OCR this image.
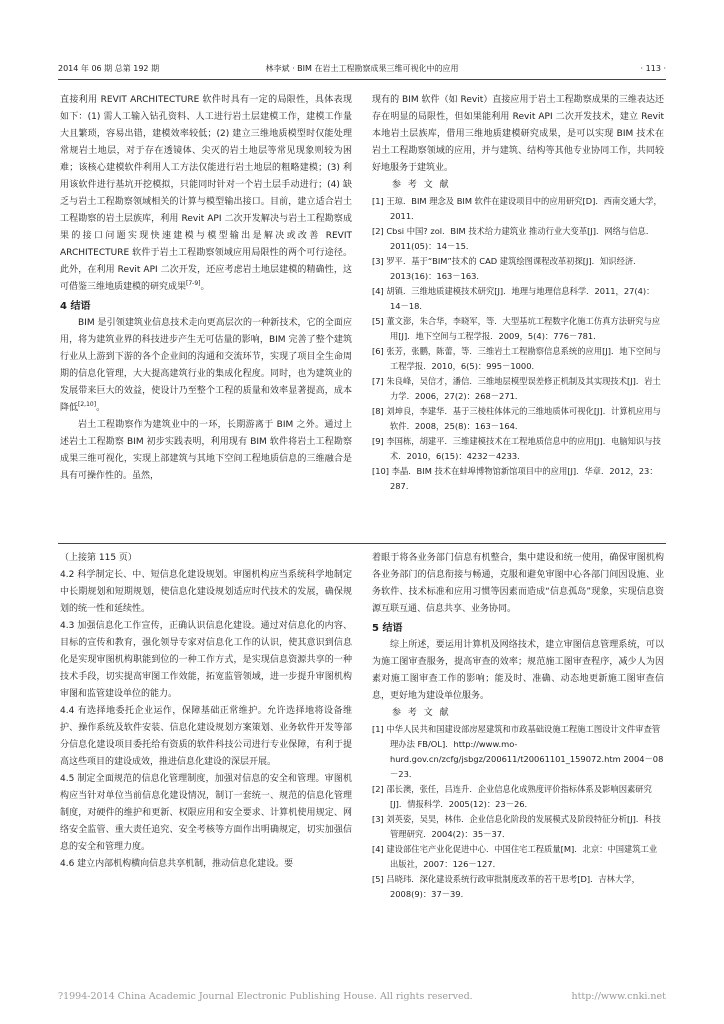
2014 年 06 期 总第 192 期	林李斌 · BIM 在岩土工程勘察成果三维可视化中的应用	· 113 ·

直接利用 REVIT ARCHITECTURE 软件时具有一定的局限性，具体表现如下：(1) 需人工输入钻孔资料、人工进行岩土层建模工作，建模工作量大且繁琐，容易出错，建模效率较低；(2) 建立三维地质模型时仅能处理常规岩土地层，对于存在透镜体、尖灭的岩土地层等常见现象则较为困难；该核心建模软件利用人工方法仅能进行岩土地层的粗略建模；(3) 利用该软件进行基坑开挖模拟，只能同时针对一个岩土层手动进行；(4) 缺乏与岩土工程勘察领域相关的计算与模型输出接口。目前，建立适合岩土工程勘察的岩土层族库，利用 Revit API 二次开发解决与岩土工程勘察成果的接口问题实现快速建模与模型输出是解决或改善 REVIT ARCHITECTURE 软件于岩土工程勘察领域应用局限性的两个可行途径。此外，在利用 Revit API 二次开发，还应考虑岩土地层建模的精确性，这可借鉴三维地质建模的研究成果[7-9]。

4 结语

BIM 是引领建筑业信息技术走向更高层次的一种新技术，它的全面应用，将为建筑业界的科技进步产生无可估量的影响，BIM 完善了整个建筑行业从上游到下游的各个企业间的沟通和交流环节，实现了项目全生命周期的信息化管理，大大提高建筑行业的集成化程度。同时，也为建筑业的发展带来巨大的效益，使设计乃至整个工程的质量和效率显著提高，成本降低[2,10]。

岩土工程勘察作为建筑业中的一环，长期游离于 BIM 之外。通过上述岩土工程勘察 BIM 初步实践表明，利用现有 BIM 软件将岩土工程勘察成果三维可视化，实现上部建筑与其地下空间工程地质信息的三维融合是具有可操作性的。虽然，

现有的 BIM 软件（如 Revit）直接应用于岩土工程勘察成果的三维表达还存在明显的局限性，但如果能利用 Revit API 二次开发技术，建立 Revit 本地岩土层族库，借用三维地质建模研究成果，是可以实现 BIM 技术在岩土工程勘察领域的应用，并与建筑、结构等其他专业协同工作，共同较好地服务于建筑业。

参 考 文 献
[1] 王琼．BIM 理念及 BIM 软件在建设项目中的应用研究[D]．西南交通大学，2011．
[2] Cbsi 中国? zol．BIM 技术给力建筑业 推动行业大变革[J]．网络与信息．2011(05)：14－15．
[3] 罗平．基于“BIM”技术的 CAD 建筑绘图课程改革初探[J]．知识经济．2013(16)：163－163．
[4] 胡镇．三维地质建模技术研究[J]．地理与地理信息科学．2011，27(4)：14－18．
[5] 董文澎，朱合华，李晓军，等．大型基坑工程数字化施工仿真方法研究与应用[J]．地下空间与工程学报．2009，5(4)：776－781．
[6] 张芳，张鹏，陈蕾，等．三维岩土工程勘察信息系统的应用[J]．地下空间与工程学报．2010，6(5)：995－1000．
[7] 朱良峰，吴信才，潘信．三维地层模型误差修正机制及其实现技术[J]．岩土力学．2006，27(2)：268－271．
[8] 刘坤良，李建华．基于三棱柱体体元的三维地质体可视化[J]．计算机应用与软件．2008，25(8)：163－164．
[9] 李国栋，胡建平．三维建模技术在工程地质信息中的应用[J]．电脑知识与技术．2010，6(15)：4232－4233．
[10] 李晶．BIM 技术在蚌埠博物馆新馆项目中的应用[J]．华章．2012，23：287．

（上接第 115 页）

4.2 科学制定长、中、短信息化建设规划。审图机构应当系统科学地制定中长期规划和短期规划，使信息化建设规划适应时代技术的发展，确保规划的统一性和延续性。

4.3 加强信息化工作宣传，正确认识信息化建设。通过对信息化的内容、目标的宣传和教育，强化领导专家对信息化工作的认识，使其意识到信息化是实现审图机构职能到位的一种工作方式，是实现信息资源共享的一种技术手段，切实提高审图工作效能，拓宽监管领域，进一步提升审图机构审图和监管建设单位的能力。

4.4 有选择地委托企业运作，保障基础正常维护。允许选择地将设备维护、操作系统及软件安装、信息化建设规划方案策划、业务软件开发等部分信息化建设项目委托给有资质的软件科技公司进行专业保障，有利于提高这些项目的建设成效，推进信息化建设的深层开展。

4.5 制定全面规范的信息化管理制度，加强对信息的安全和管理。审图机构应当针对单位当前信息化建设情况，制订一套统一、规范的信息化管理制度，对硬件的维护和更新、权限应用和安全要求、计算机使用规定、网络安全监管、重大责任追究、安全考核等方面作出明确规定，切实加强信息的安全和管理力度。

4.6 建立内部机构横向信息共享机制，推动信息化建设。要

着眼于将各业务部门信息有机整合，集中建设和统一使用，确保审图机构各业务部门的信息衔接与畅通，克服和避免审图中心各部门间因设施、业务软件、技术标准和应用习惯等因素而造成“信息孤岛”现象，实现信息资源互联互通、信息共享、业务协同。

5 结语

综上所述，要运用计算机及网络技术，建立审图信息管理系统，可以为施工图审查服务，提高审查的效率；规范施工图审查程序，减少人为因素对施工图审查工作的影响；能及时、准确、动态地更新施工图审查信息，更好地为建设单位服务。

参 考 文 献
[1] 中华人民共和国建设部房屋建筑和市政基础设施工程施工图设计文件审查管理办法 FB/OL]．http://www.mo-hurd.gov.cn/zcfg/jsbgz/200611/t20061101_159072.htm 2004－08－23．
[2] 邵长澳，张任，吕连升．企业信息化成熟度评价指标体系及影响因素研究[J]．情报科学．2005(12)：23－26．
[3] 刘英姿，吴昊，林伟．企业信息化阶段的发展模式及阶段特征分析[J]．科技管理研究．2004(2)：35－37．
[4] 建设部住宅产业化促进中心．中国住宅工程质量[M]．北京：中国建筑工业出版社，2007：126－127．
[5] 吕晓玮．深化建设系统行政审批制度改革的若干思考[D]．吉林大学，2008(9)：37－39．
?1994-2014 China Academic Journal Electronic Publishing House. All rights reserved.	http://www.cnki.net
